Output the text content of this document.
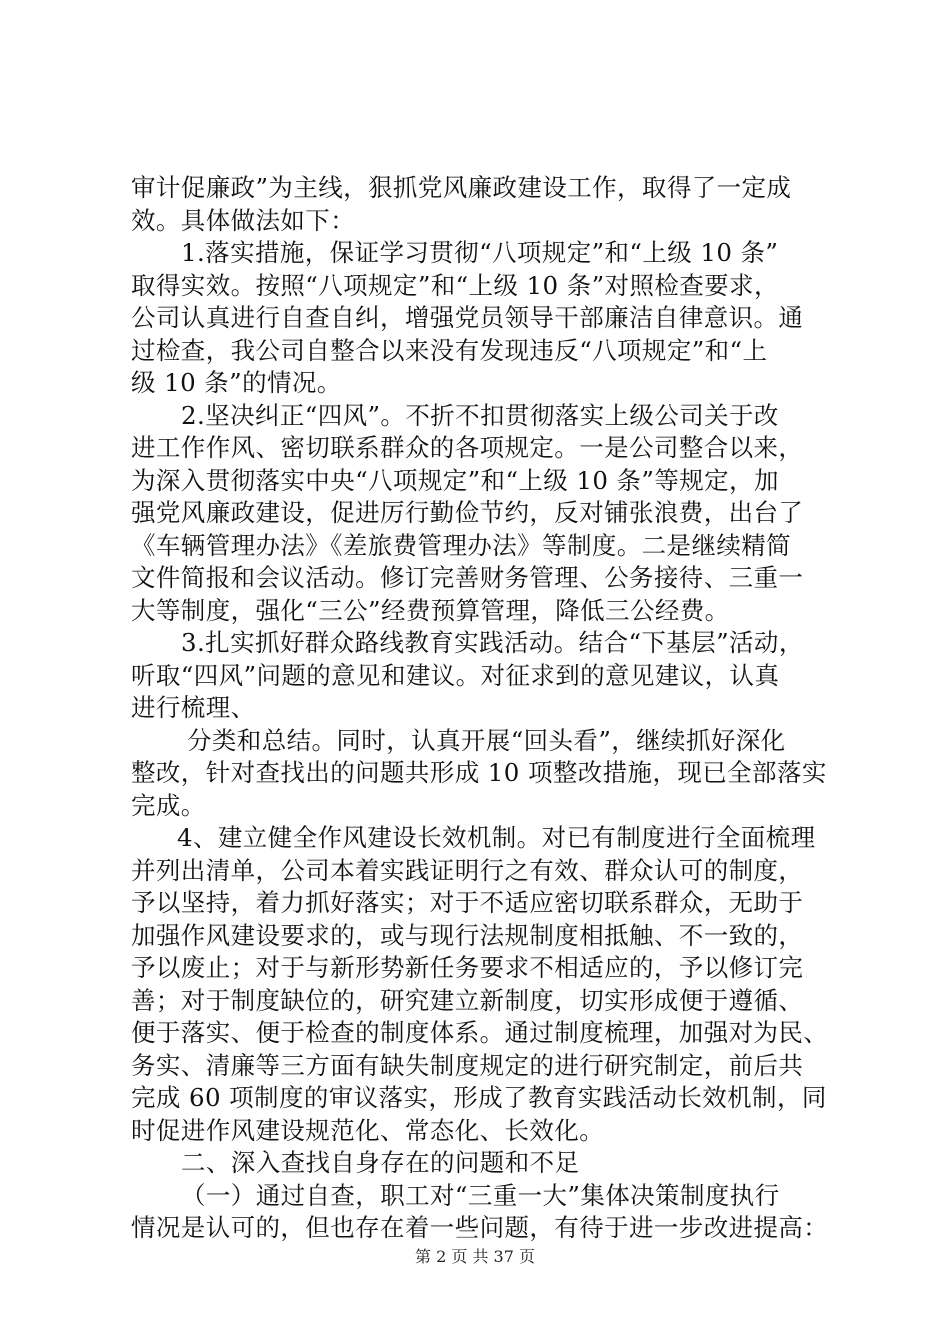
审计促廉政”为主线，狠抓党风廉政建设工作，取得了一定成
效。具体做法如下：
1.落实措施，保证学习贯彻“八项规定”和“上级 10 条”
取得实效。按照“八项规定”和“上级 10 条”对照检查要求，
公司认真进行自查自纠，增强党员领导干部廉洁自律意识。通
过检查，我公司自整合以来没有发现违反“八项规定”和“上
级 10 条”的情况。
2.坚决纠正“四风”。不折不扣贯彻落实上级公司关于改
进工作作风、密切联系群众的各项规定。一是公司整合以来，
为深入贯彻落实中央“八项规定”和“上级 10 条”等规定，加
强党风廉政建设，促进厉行勤俭节约，反对铺张浪费，出台了
《车辆管理办法》《差旅费管理办法》等制度。二是继续精简
文件简报和会议活动。修订完善财务管理、公务接待、三重一
大等制度，强化“三公”经费预算管理，降低三公经费。
3.扎实抓好群众路线教育实践活动。结合“下基层”活动，
听取“四风”问题的意见和建议。对征求到的意见建议，认真
进行梳理、
分类和总结。同时，认真开展“回头看”，继续抓好深化
整改，针对查找出的问题共形成 10 项整改措施，现已全部落实
完成。
4、建立健全作风建设长效机制。对已有制度进行全面梳理
并列出清单，公司本着实践证明行之有效、群众认可的制度，
予以坚持，着力抓好落实；对于不适应密切联系群众，无助于
加强作风建设要求的，或与现行法规制度相抵触、不一致的，
予以废止；对于与新形势新任务要求不相适应的，予以修订完
善；对于制度缺位的，研究建立新制度，切实形成便于遵循、
便于落实、便于检查的制度体系。通过制度梳理，加强对为民、
务实、清廉等三方面有缺失制度规定的进行研究制定，前后共
完成 60 项制度的审议落实，形成了教育实践活动长效机制，同
时促进作风建设规范化、常态化、长效化。
二、深入查找自身存在的问题和不足
（一）通过自查，职工对“三重一大”集体决策制度执行
情况是认可的，但也存在着一些问题，有待于进一步改进提高：
第 2 页 共 37 页
